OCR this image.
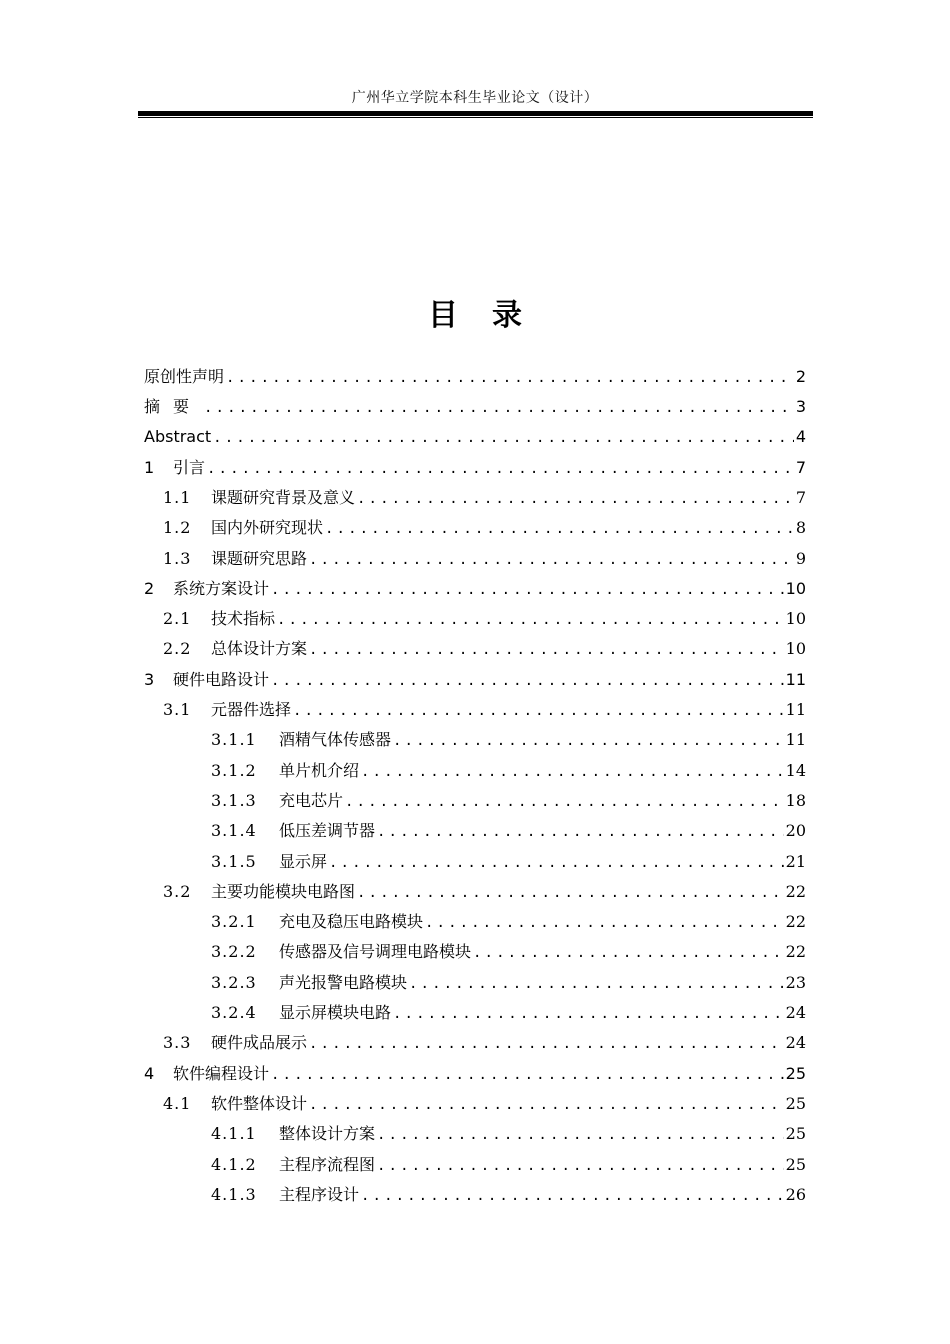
广州华立学院本科生毕业论文（设计）
目录
原创性声明 .....	2
摘要 .....	3
Abstract .....	4
1	引言 .....	7
1.1	课题研究背景及意义 .....	7
1.2	国内外研究现状 .....	8
1.3	课题研究思路 .....	9
2	系统方案设计 .....	10
2.1	技术指标 .....	10
2.2	总体设计方案 .....	10
3	硬件电路设计 .....	11
3.1	元器件选择 .....	11
3.1.1	酒精气体传感器 .....	11
3.1.2	单片机介绍 .....	14
3.1.3	充电芯片 .....	18
3.1.4	低压差调节器 .....	20
3.1.5	显示屏 .....	21
3.2	主要功能模块电路图 .....	22
3.2.1	充电及稳压电路模块 .....	22
3.2.2	传感器及信号调理电路模块 .....	22
3.2.3	声光报警电路模块 .....	23
3.2.4	显示屏模块电路 .....	24
3.3	硬件成品展示 .....	24
4	软件编程设计 .....	25
4.1	软件整体设计 .....	25
4.1.1	整体设计方案 .....	25
4.1.2	主程序流程图 .....	25
4.1.3	主程序设计 .....	26
